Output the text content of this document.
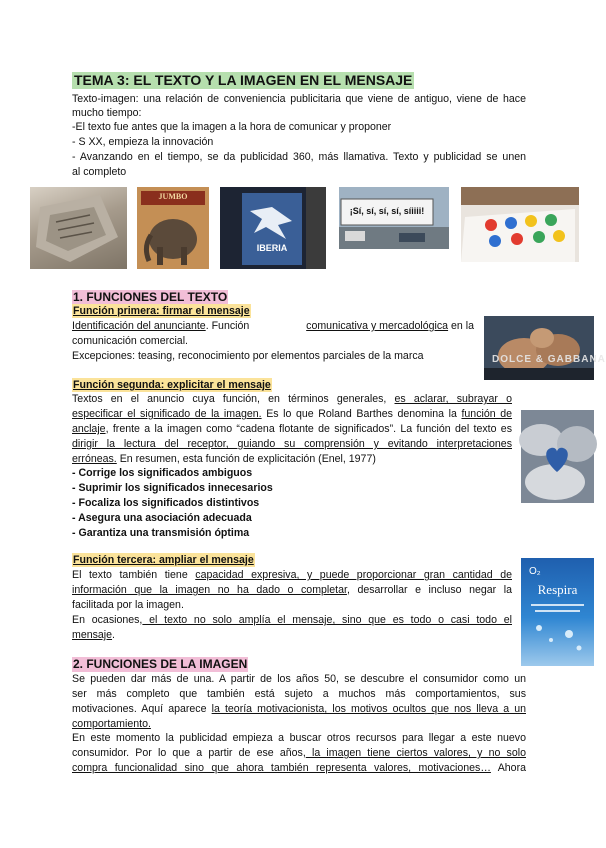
TEMA 3: EL TEXTO Y LA IMAGEN EN EL MENSAJE
Texto-imagen: una relación de conveniencia publicitaria que viene de antiguo, viene de hace
mucho tiempo:
-El texto fue antes que la imagen a la hora de comunicar y proponer
- S XX, empieza la innovación
- Avanzando en el tiempo, se da publicidad 360, más llamativa. Texto y publicidad se unen
al completo
JUMBO
IBERIA
¡Sí, sí, sí, sí, síiiii!
1. FUNCIONES DEL TEXTO
Función primera: firmar el mensaje
Identificación del anunciante. Función	comunicativa y mercadológica en la
comunicación comercial.
Excepciones: teasing, reconocimiento por elementos parciales de la marca	DOLCE & GABBANA
Función segunda: explicitar el mensaje
Textos en el anuncio cuya función, en términos generales, es aclarar, subrayar o
especificar el significado de la imagen. Es lo que Roland Barthes denomina la función de
anclaje, frente a la imagen como “cadena flotante de significados”. La función del texto es
dirigir la lectura del receptor, guiando su comprensión y evitando interpretaciones
erróneas. En resumen, esta función de explicitación (Enel, 1977)
- Corrige los significados ambiguos
- Suprimir los significados innecesarios
- Focaliza los significados distintivos
- Asegura una asociación adecuada
- Garantiza una transmisión óptima
Función tercera: ampliar el mensaje
El texto también tiene capacidad expresiva, y puede proporcionar gran cantidad de
información que la imagen no ha dado o completar, desarrollar e incluso negar la
facilitada por la imagen.
En ocasiones, el texto no solo amplía el mensaje, sino que es todo o casi todo el
mensaje.
O₂
Respira
2. FUNCIONES DE LA IMAGEN
Se pueden dar más de una. A partir de los años 50, se descubre el consumidor como un
ser más completo que también está sujeto a muchos más comportamientos, sus
motivaciones. Aquí aparece la teoría motivacionista, los motivos ocultos que nos lleva a un
comportamiento.
En este momento la publicidad empieza a buscar otros recursos para llegar a este nuevo
consumidor. Por lo que a partir de ese años, la imagen tiene ciertos valores, y no solo
compra funcionalidad sino que ahora también representa valores, motivaciones… Ahora
